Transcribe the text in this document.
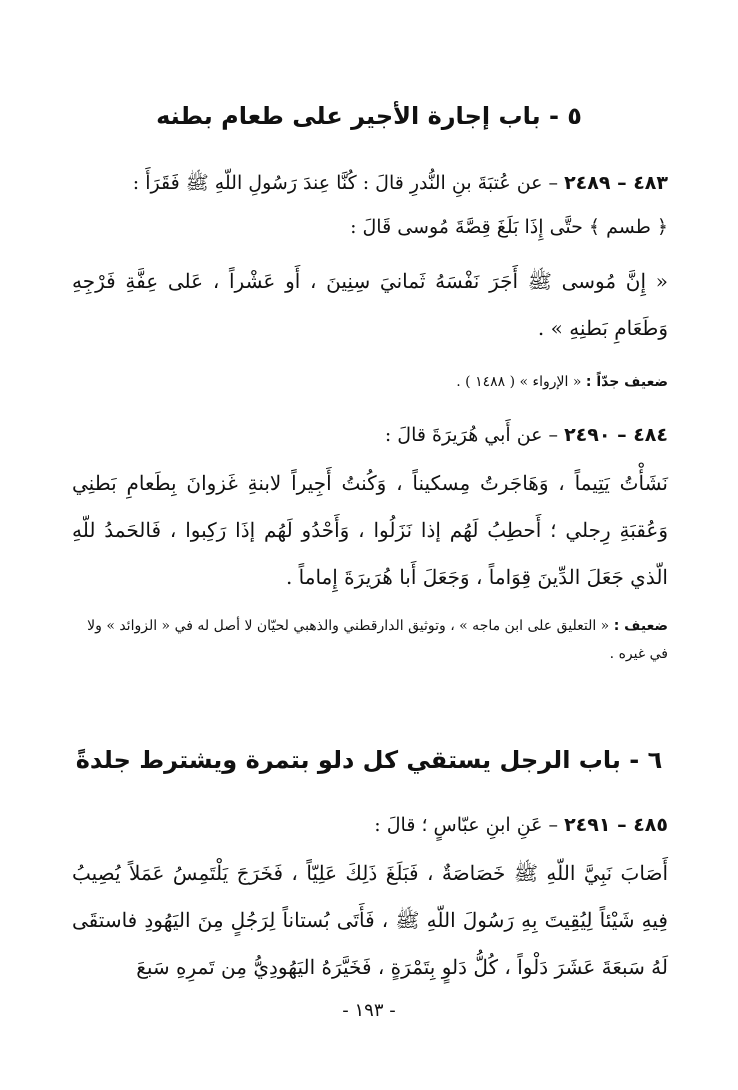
٥ - باب إجارة الأجير على طعام بطنه

٤٨٣ – ٢٤٨٩ – عن عُتبَةَ بنِ النُّدرِ قالَ : كُنَّا عِندَ رَسُولِ اللّهِ ﷺ فَقَرَأَ :

﴿ طسم ﴾ حتَّى إِذَا بَلَغَ قِصَّةَ مُوسى قَالَ :

« إِنَّ مُوسى ﷺ أَجَرَ نَفْسَهُ ثَمانيَ سِنِينَ ، أَو عَشْراً ، عَلى عِفَّةِ فَرْجِهِ وَطَعَامِ بَطنِهِ » .

ضعيف جدّاً : « الإرواء » ( ١٤٨٨ ) .

٤٨٤ – ٢٤٩٠ – عن أَبي هُرَيرَةَ قالَ :

نَشَأْتُ يَتِيماً ، وَهَاجَرتُ مِسكيناً ، وَكُنتُ أَجِيراً لابنةِ غَزوانَ بِطَعامِ بَطنِي وَعُقبَةِ رِجلي ؛ أَحطِبُ لَهُم إذا نَزَلُوا ، وَأَحْدُو لَهُم إذَا رَكِبوا ، فَالحَمدُ للّهِ الّذي جَعَلَ الدِّينَ قِوَاماً ، وَجَعَلَ أَبا هُرَيرَةَ إِماماً .

ضعيف : « التعليق على ابن ماجه » ، وتوثيق الدارقطني والذهبي لحيّان لا أصل له في « الزوائد » ولا في غيره .

٦ - باب الرجل يستقي كل دلو بتمرة ويشترط جلدةً

٤٨٥ – ٢٤٩١ – عَنِ ابنِ عبّاسٍ ؛ قالَ :

أَصَابَ نَبِيَّ اللّهِ ﷺ خَصَاصَةٌ ، فَبَلَغَ ذَلِكَ عَلِيّاً ، فَخَرَجَ يَلْتَمِسُ عَمَلاً يُصِيبُ فِيهِ شَيْئاً لِيُقِيتَ بِهِ رَسُولَ اللّهِ ﷺ ، فَأَتَى بُستاناً لِرَجُلٍ مِنَ اليَهُودِ فاستقَى لَهُ سَبعَةَ عَشَرَ دَلْواً ، كُلُّ دَلوٍ بِتَمْرَةٍ ، فَخَيَّرَهُ اليَهُودِيُّ مِن تَمرِهِ سَبعَ

- ١٩٣ -
